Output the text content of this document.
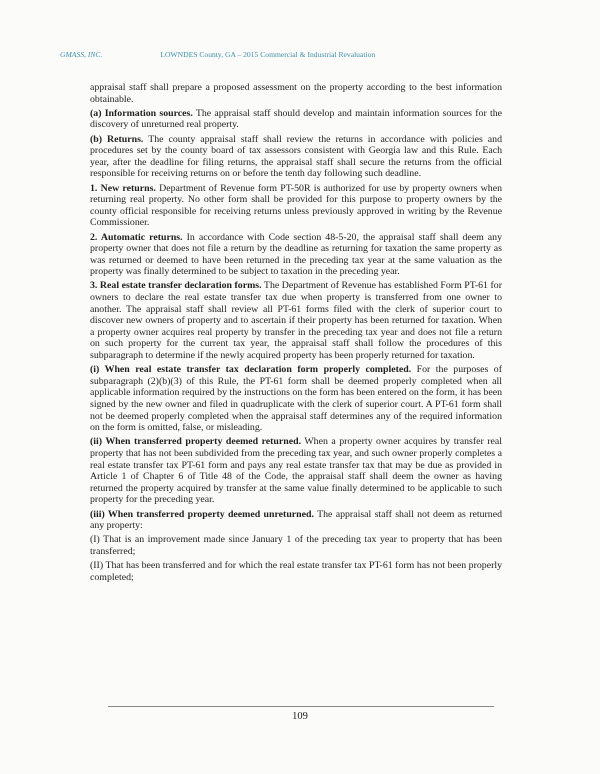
GMASS, INC.	LOWNDES County, GA – 2015 Commercial & Industrial Revaluation

appraisal staff shall prepare a proposed assessment on the property according to the best information obtainable.

(a) Information sources. The appraisal staff should develop and maintain information sources for the discovery of unreturned real property.

(b) Returns. The county appraisal staff shall review the returns in accordance with policies and procedures set by the county board of tax assessors consistent with Georgia law and this Rule. Each year, after the deadline for filing returns, the appraisal staff shall secure the returns from the official responsible for receiving returns on or before the tenth day following such deadline.

1. New returns. Department of Revenue form PT-50R is authorized for use by property owners when returning real property. No other form shall be provided for this purpose to property owners by the county official responsible for receiving returns unless previously approved in writing by the Revenue Commissioner.

2. Automatic returns. In accordance with Code section 48-5-20, the appraisal staff shall deem any property owner that does not file a return by the deadline as returning for taxation the same property as was returned or deemed to have been returned in the preceding tax year at the same valuation as the property was finally determined to be subject to taxation in the preceding year.

3. Real estate transfer declaration forms. The Department of Revenue has established Form PT-61 for owners to declare the real estate transfer tax due when property is transferred from one owner to another. The appraisal staff shall review all PT-61 forms filed with the clerk of superior court to discover new owners of property and to ascertain if their property has been returned for taxation. When a property owner acquires real property by transfer in the preceding tax year and does not file a return on such property for the current tax year, the appraisal staff shall follow the procedures of this subparagraph to determine if the newly acquired property has been properly returned for taxation.

(i) When real estate transfer tax declaration form properly completed. For the purposes of subparagraph (2)(b)(3) of this Rule, the PT-61 form shall be deemed properly completed when all applicable information required by the instructions on the form has been entered on the form, it has been signed by the new owner and filed in quadruplicate with the clerk of superior court. A PT-61 form shall not be deemed properly completed when the appraisal staff determines any of the required information on the form is omitted, false, or misleading.

(ii) When transferred property deemed returned. When a property owner acquires by transfer real property that has not been subdivided from the preceding tax year, and such owner properly completes a real estate transfer tax PT-61 form and pays any real estate transfer tax that may be due as provided in Article 1 of Chapter 6 of Title 48 of the Code, the appraisal staff shall deem the owner as having returned the property acquired by transfer at the same value finally determined to be applicable to such property for the preceding year.

(iii) When transferred property deemed unreturned. The appraisal staff shall not deem as returned any property:

(I) That is an improvement made since January 1 of the preceding tax year to property that has been transferred;

(II) That has been transferred and for which the real estate transfer tax PT-61 form has not been properly completed;

109
